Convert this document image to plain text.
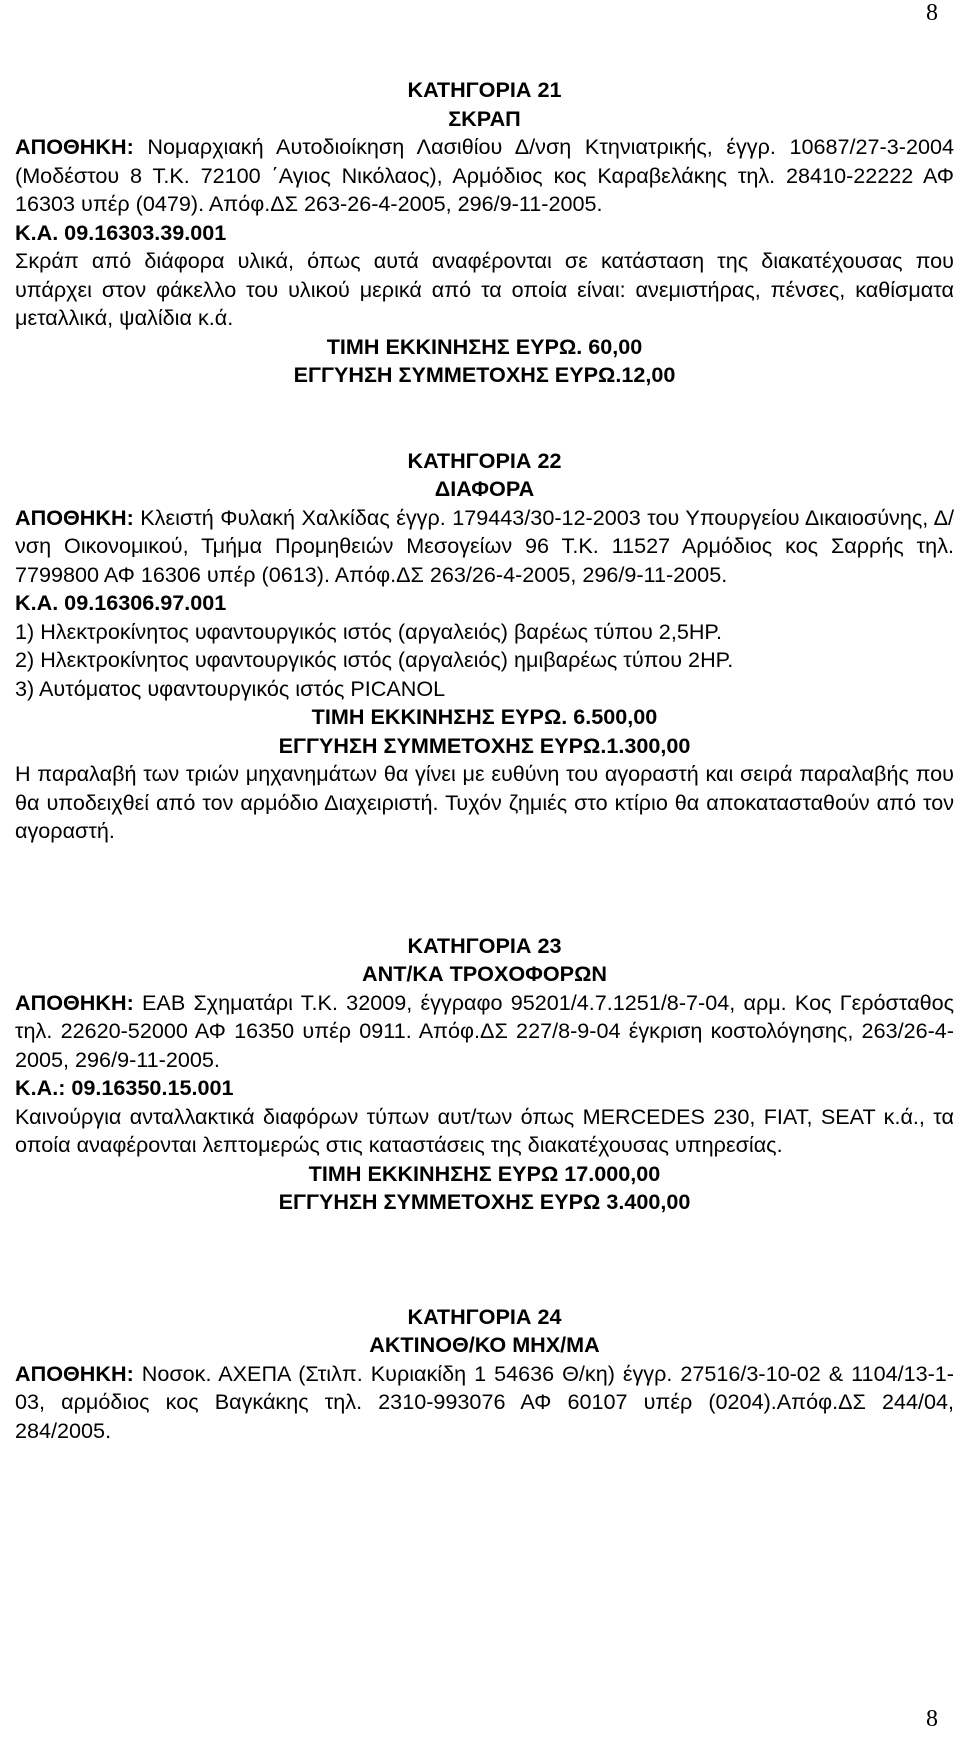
8

ΚΑΤΗΓΟΡΙΑ 21

ΣΚΡΑΠ

ΑΠΟΘΗΚΗ: Νομαρχιακή Αυτοδιοίκηση Λασιθίου Δ/νση Κτηνιατρικής, έγγρ. 10687/27-3-2004 (Μοδέστου 8 Τ.Κ. 72100 ΄Αγιος Νικόλαος), Αρμόδιος κος Καραβελάκης τηλ. 28410-22222 ΑΦ 16303 υπέρ (0479). Απόφ.ΔΣ 263-26-4-2005, 296/9-11-2005.

Κ.Α. 09.16303.39.001

Σκράπ από διάφορα υλικά, όπως αυτά αναφέρονται σε κατάσταση της διακατέχουσας που υπάρχει στον φάκελλο του υλικού μερικά από τα οποία είναι: ανεμιστήρας, πένσες, καθίσματα μεταλλικά, ψαλίδια κ.ά.

ΤΙΜΗ ΕΚΚΙΝΗΣΗΣ ΕΥΡΩ. 60,00

ΕΓΓΥΗΣΗ ΣΥΜΜΕΤΟΧΗΣ ΕΥΡΩ.12,00

ΚΑΤΗΓΟΡΙΑ 22

ΔΙΑΦΟΡΑ

ΑΠΟΘΗΚΗ: Κλειστή Φυλακή Χαλκίδας έγγρ. 179443/30-12-2003 του Υπουργείου Δικαιοσύνης, Δ/νση Οικονομικού, Τμήμα Προμηθειών Μεσογείων 96 Τ.Κ. 11527 Αρμόδιος κος Σαρρής τηλ. 7799800 ΑΦ 16306 υπέρ (0613). Απόφ.ΔΣ 263/26-4-2005, 296/9-11-2005.

Κ.Α. 09.16306.97.001

1) Ηλεκτροκίνητος υφαντουργικός ιστός (αργαλειός) βαρέως τύπου 2,5HP.

2) Ηλεκτροκίνητος υφαντουργικός ιστός (αργαλειός) ημιβαρέως τύπου 2HP.

3) Αυτόματος υφαντουργικός ιστός PICANOL

ΤΙΜΗ ΕΚΚΙΝΗΣΗΣ ΕΥΡΩ. 6.500,00

ΕΓΓΥΗΣΗ ΣΥΜΜΕΤΟΧΗΣ ΕΥΡΩ.1.300,00

Η παραλαβή των τριών μηχανημάτων θα γίνει με ευθύνη του αγοραστή και σειρά παραλαβής που θα υποδειχθεί από τον αρμόδιο Διαχειριστή. Τυχόν ζημιές στο κτίριο θα αποκατασταθούν από τον αγοραστή.

ΚΑΤΗΓΟΡΙΑ 23

ΑΝΤ/ΚΑ ΤΡΟΧΟΦΟΡΩΝ

ΑΠΟΘΗΚΗ: ΕΑΒ Σχηματάρι Τ.Κ. 32009, έγγραφο 95201/4.7.1251/8-7-04, αρμ. Κος Γερόσταθος τηλ. 22620-52000 ΑΦ 16350 υπέρ 0911. Απόφ.ΔΣ 227/8-9-04 έγκριση κοστολόγησης, 263/26-4-2005, 296/9-11-2005.

Κ.Α.: 09.16350.15.001

Καινούργια ανταλλακτικά διαφόρων τύπων αυτ/των όπως MERCEDES 230, FIAT, SEAT κ.ά., τα οποία αναφέρονται λεπτομερώς στις καταστάσεις της διακατέχουσας υπηρεσίας.

ΤΙΜΗ ΕΚΚΙΝΗΣΗΣ ΕΥΡΩ 17.000,00

ΕΓΓΥΗΣΗ ΣΥΜΜΕΤΟΧΗΣ ΕΥΡΩ 3.400,00

ΚΑΤΗΓΟΡΙΑ 24

ΑΚΤΙΝΟΘ/ΚΟ ΜΗΧ/ΜΑ

ΑΠΟΘΗΚΗ: Νοσοκ. ΑΧΕΠΑ (Στιλπ. Κυριακίδη 1 54636 Θ/κη) έγγρ. 27516/3-10-02 & 1104/13-1-03, αρμόδιος κος Βαγκάκης τηλ. 2310-993076 ΑΦ 60107 υπέρ (0204).Απόφ.ΔΣ 244/04, 284/2005.

8
